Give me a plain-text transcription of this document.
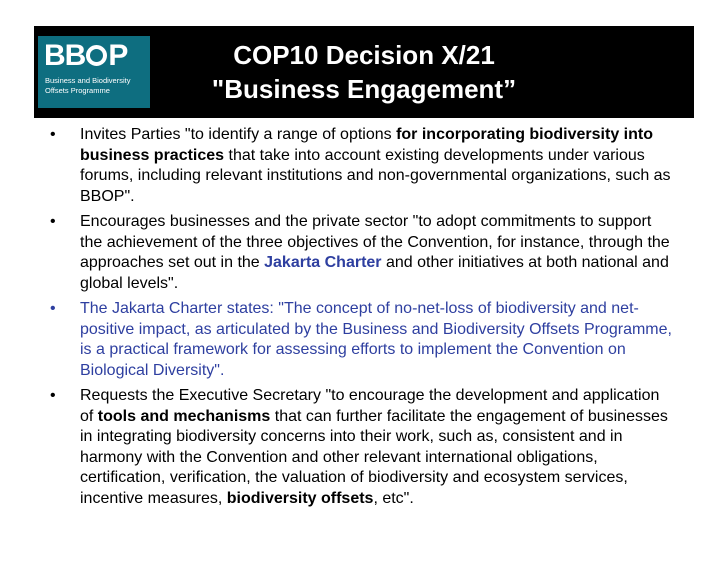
BB P
Business and Biodiversity
Offsets Programme
COP10 Decision X/21
"Business Engagement”
• Invites Parties "to identify a range of options for incorporating biodiversity into business practices that take into account existing developments under various forums, including relevant institutions and non-governmental organizations, such as BBOP".
• Encourages businesses and the private sector "to adopt commitments to support the achievement of the three objectives of the Convention, for instance, through the approaches set out in the Jakarta Charter and other initiatives at both national and global levels".
• The Jakarta Charter states: "The concept of no-net-loss of biodiversity and net-positive impact, as articulated by the Business and Biodiversity Offsets Programme, is a practical framework for assessing efforts to implement the Convention on Biological Diversity".
• Requests the Executive Secretary "to encourage the development and application of tools and mechanisms that can further facilitate the engagement of businesses in integrating biodiversity concerns into their work, such as, consistent and in harmony with the Convention and other relevant international obligations, certification, verification, the valuation of biodiversity and ecosystem services, incentive measures, biodiversity offsets, etc".
